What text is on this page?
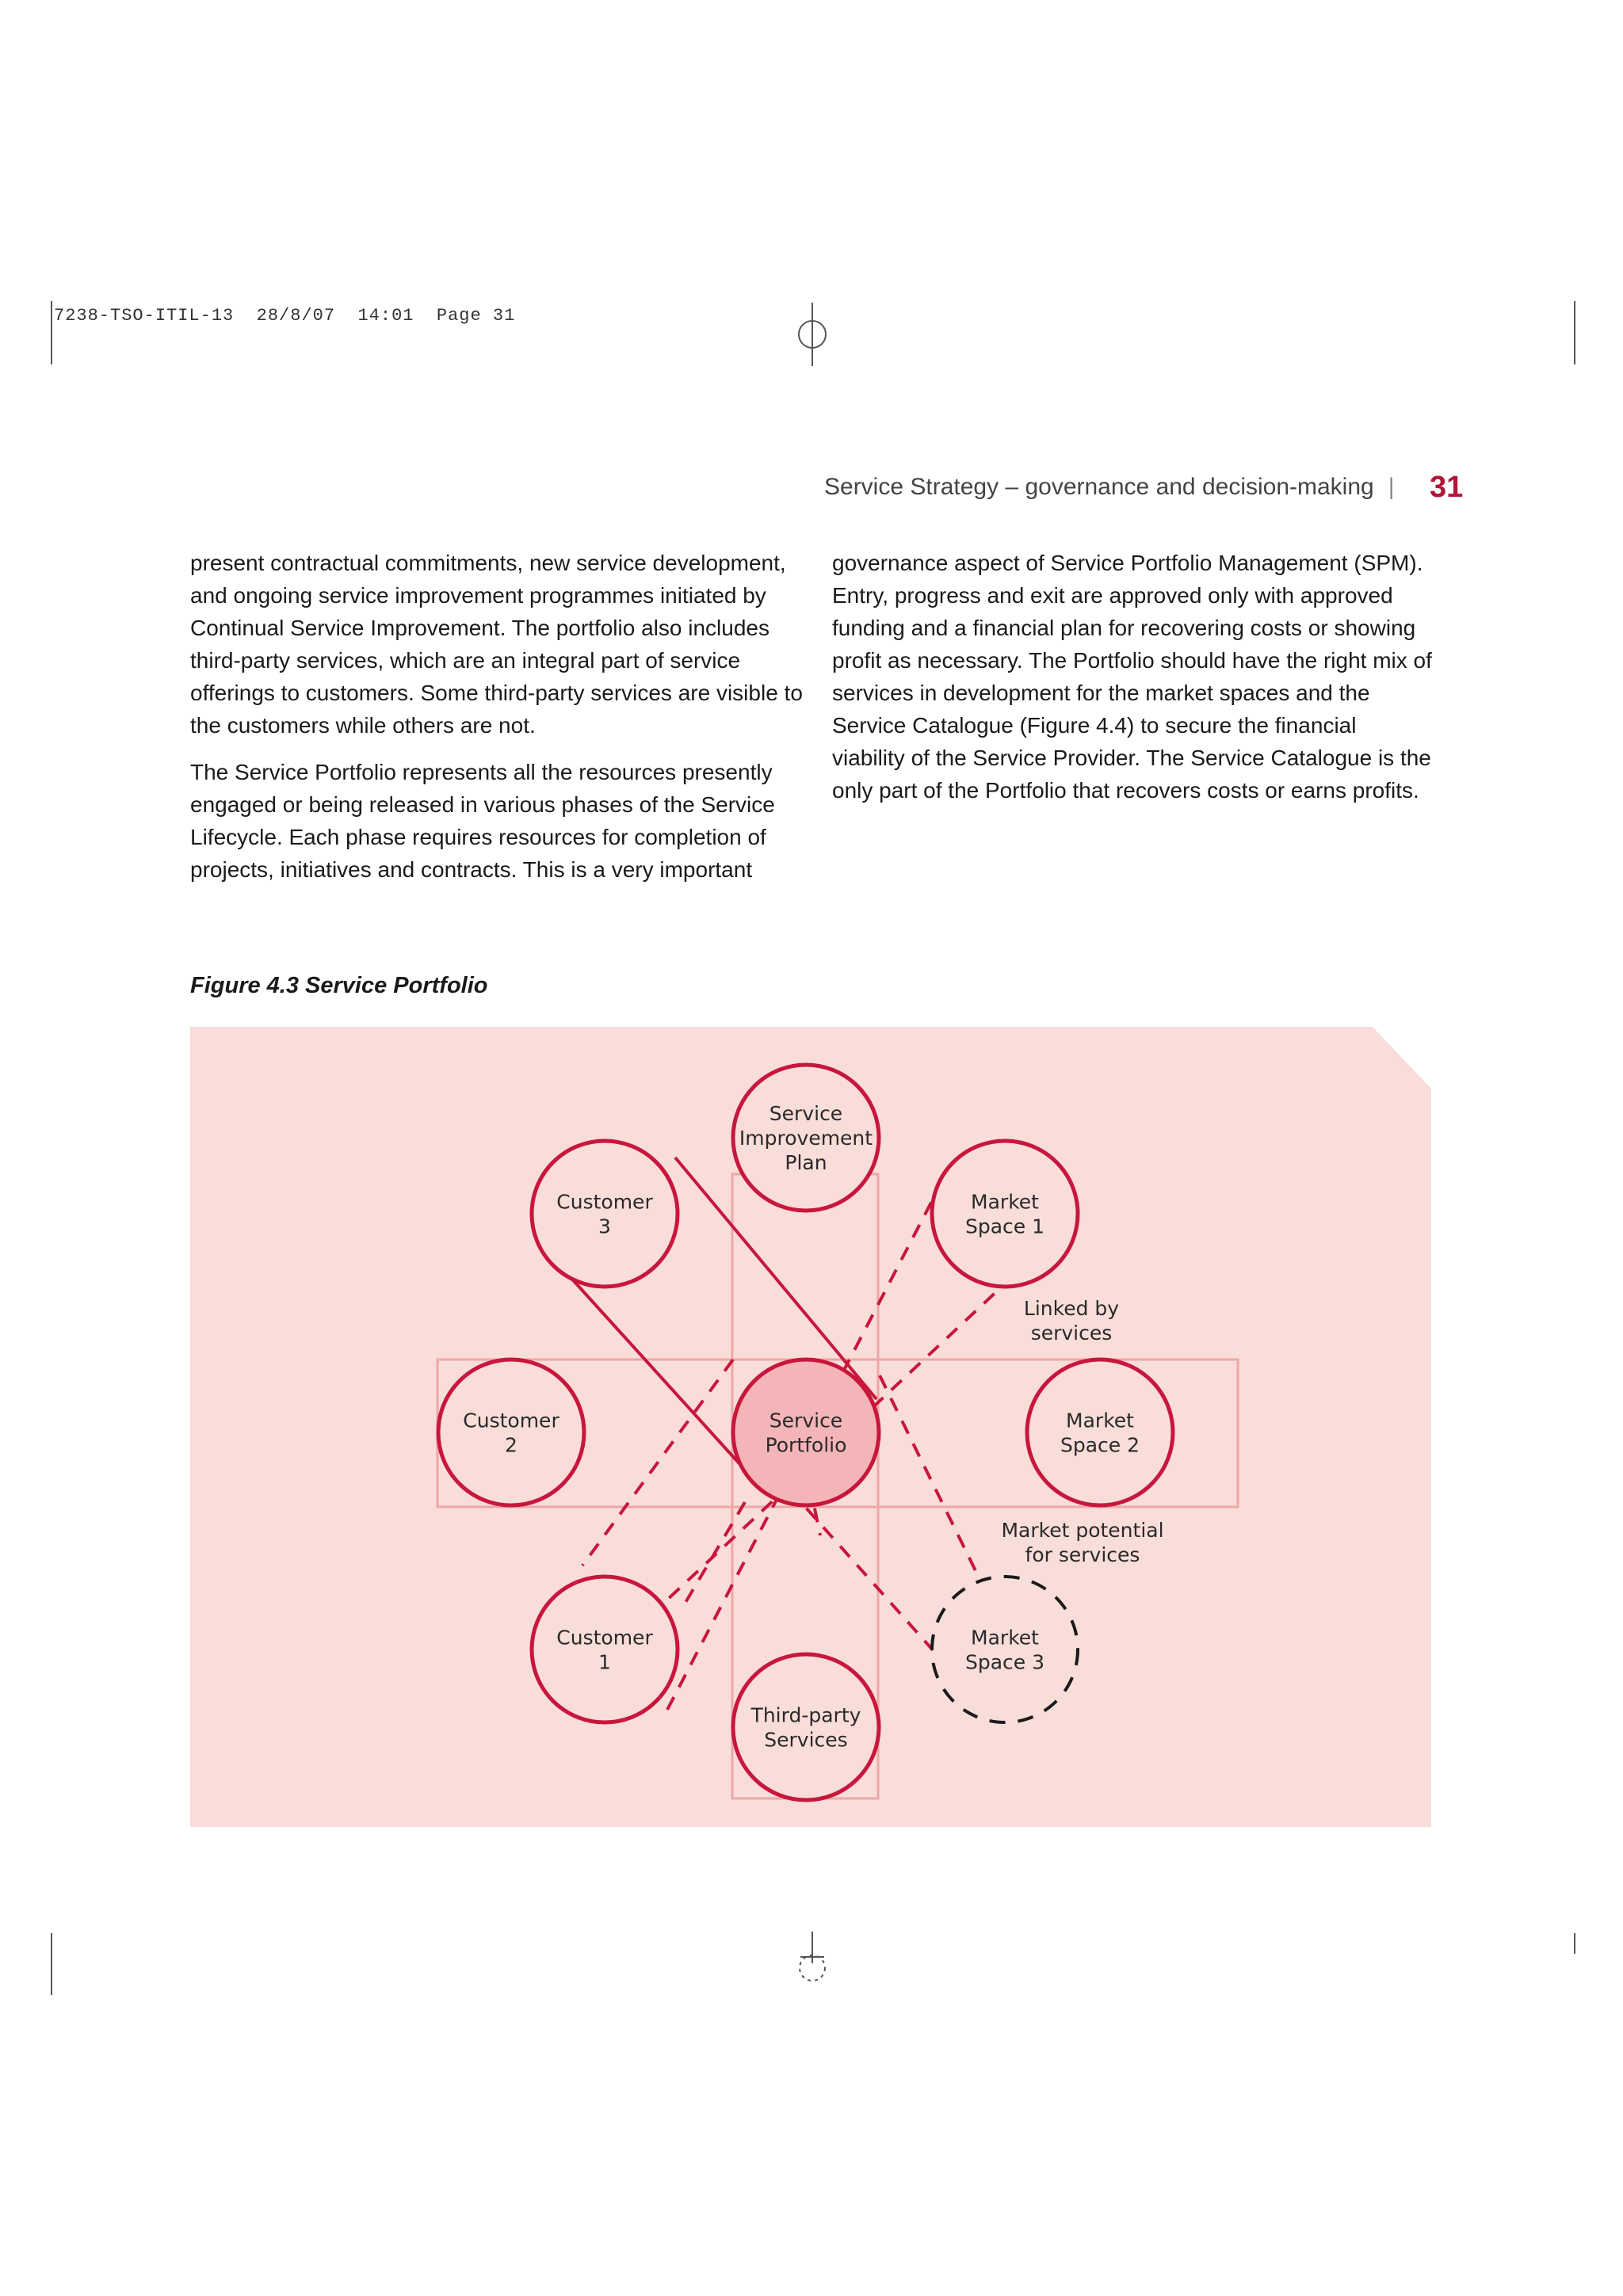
7238-TSO-ITIL-13  28/8/07  14:01  Page 31
Service Strategy – governance and decision-making |	31

present contractual commitments, new service development, and ongoing service improvement programmes initiated by Continual Service Improvement. The portfolio also includes third-party services, which are an integral part of service offerings to customers. Some third-party services are visible to the customers while others are not.

The Service Portfolio represents all the resources presently engaged or being released in various phases of the Service Lifecycle. Each phase requires resources for completion of projects, initiatives and contracts. This is a very important

governance aspect of Service Portfolio Management (SPM). Entry, progress and exit are approved only with approved funding and a financial plan for recovering costs or showing profit as necessary. The Portfolio should have the right mix of services in development for the market spaces and the Service Catalogue (Figure 4.4) to secure the financial viability of the Service Provider. The Service Catalogue is the only part of the Portfolio that recovers costs or earns profits.

Figure 4.3 Service Portfolio
Service Improvement Plan
Market Space 1
Customer 3
Customer 2
Service Portfolio
Market Space 2
Customer 1
Third-party Services
Market Space 3
Linked by services
Market potential for services
